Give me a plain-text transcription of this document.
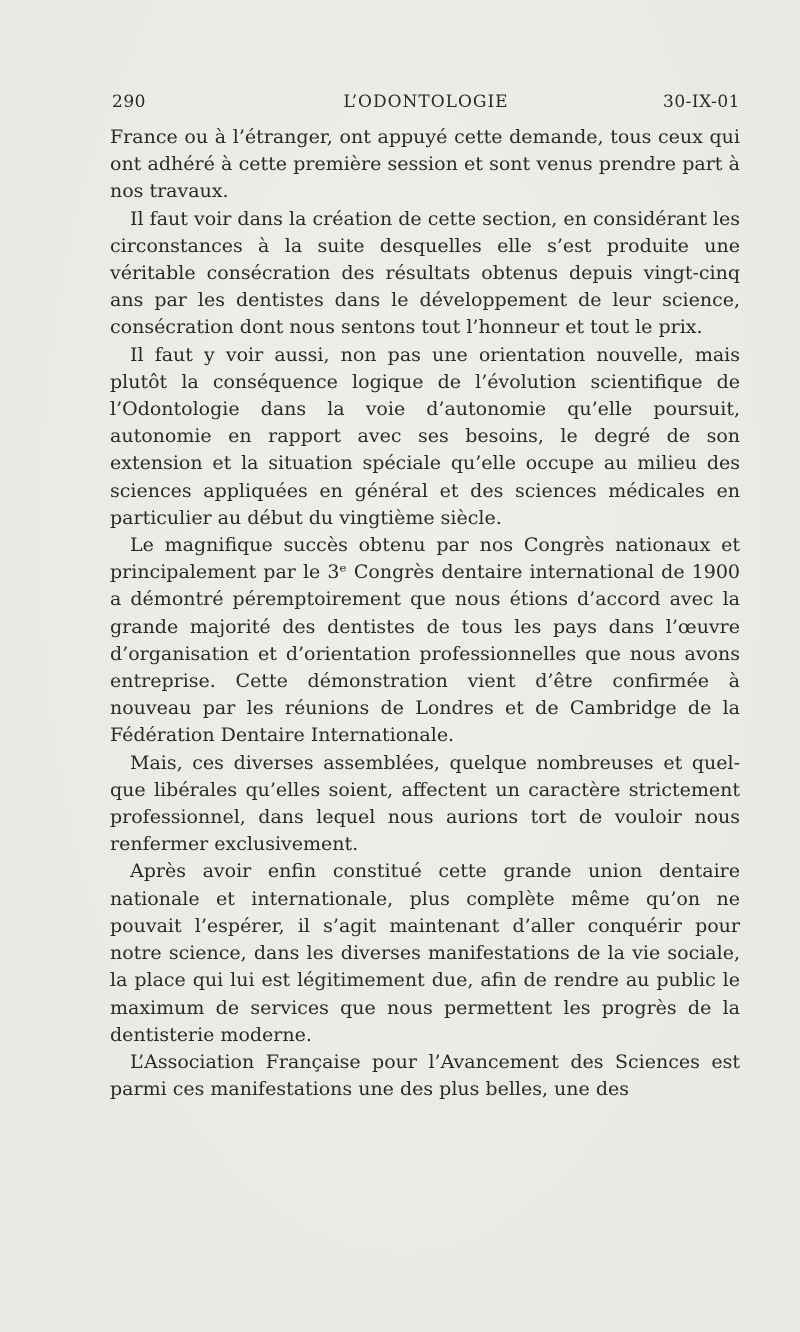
290	L’ODONTOLOGIE	30-IX-01

France ou à l’étranger, ont appuyé cette demande, tous ceux qui ont adhéré à cette première session et sont venus prendre part à nos travaux.

Il faut voir dans la création de cette section, en considérant les circonstances à la suite desquelles elle s’est produite une véritable consécration des résultats obtenus depuis vingt-cinq ans par les dentistes dans le développement de leur science, consécration dont nous sentons tout l’honneur et tout le prix.

Il faut y voir aussi, non pas une orientation nouvelle, mais plutôt la conséquence logique de l’évolution scientifique de l’Odontologie dans la voie d’autonomie qu’elle poursuit, autonomie en rapport avec ses besoins, le degré de son extension et la situation spéciale qu’elle occupe au milieu des sciences appliquées en général et des sciences médicales en particulier au début du vingtième siècle.

Le magnifique succès obtenu par nos Congrès nationaux et principalement par le 3ᵉ Congrès dentaire international de 1900 a démontré péremptoirement que nous étions d’accord avec la grande majorité des dentistes de tous les pays dans l’œuvre d’organisation et d’orientation professionnelles que nous avons entreprise. Cette démonstration vient d’être confirmée à nouveau par les réunions de Londres et de Cambridge de la Fédération Dentaire Internationale.

Mais, ces diverses assemblées, quelque nombreuses et quelque libérales qu’elles soient, affectent un caractère strictement professionnel, dans lequel nous aurions tort de vouloir nous renfermer exclusivement.

Après avoir enfin constitué cette grande union dentaire nationale et internationale, plus complète même qu’on ne pouvait l’espérer, il s’agit maintenant d’aller conquérir pour notre science, dans les diverses manifestations de la vie sociale, la place qui lui est légitimement due, afin de rendre au public le maximum de services que nous permettent les progrès de la dentisterie moderne.

L’Association Française pour l’Avancement des Sciences est parmi ces manifestations une des plus belles, une des
